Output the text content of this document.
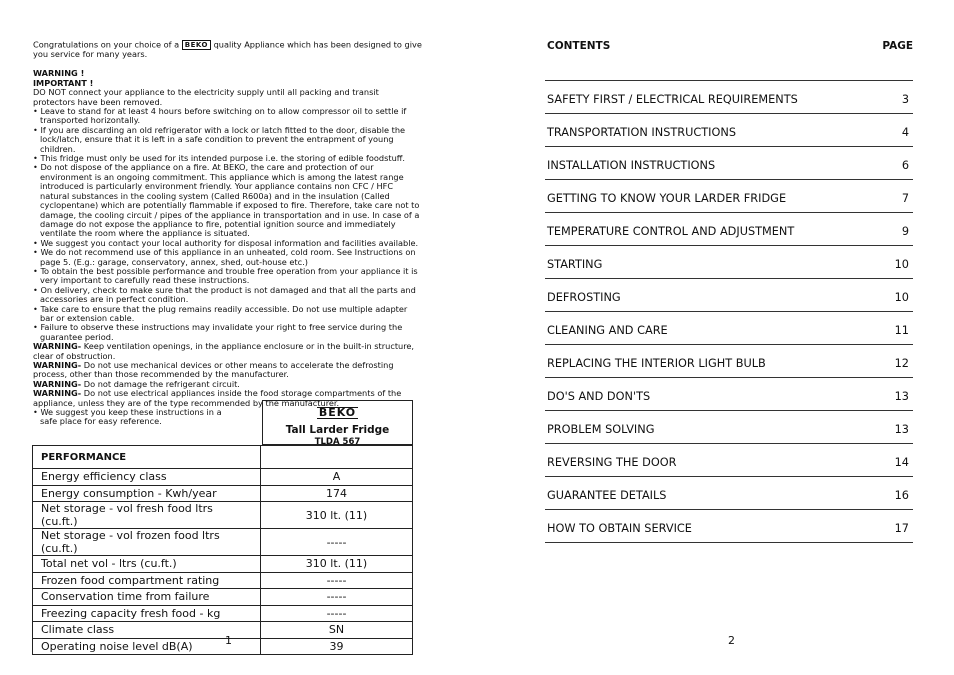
Congratulations on your choice of a BEKO quality Appliance which has been designed to give you service for many years.

WARNING !

IMPORTANT !

DO NOT connect your appliance to the electricity supply until all packing and transit protectors have been removed.

• Leave to stand for at least 4 hours before switching on to allow compressor oil to settle if transported horizontally.

• If you are discarding an old refrigerator with a lock or latch fitted to the door, disable the lock/latch, ensure that it is left in a safe condition to prevent the entrapment of young children.

• This fridge must only be used for its intended purpose i.e. the storing of edible foodstuff.

• Do not dispose of the appliance on a fire. At BEKO, the care and protection of our environment is an ongoing commitment. This appliance which is among the latest range introduced is particularly environment friendly. Your appliance contains non CFC / HFC natural substances in the cooling system (Called R600a) and in the insulation (Called cyclopentane) which are potentially flammable if exposed to fire. Therefore, take care not to damage, the cooling circuit / pipes of the appliance in transportation and in use. In case of a damage do not expose the appliance to fire, potential ignition source and immediately ventilate the room where the appliance is situated.

• We suggest you contact your local authority for disposal information and facilities available.

• We do not recommend use of this appliance in an unheated, cold room. See Instructions on page 5. (E.g.: garage, conservatory, annex, shed, out-house etc.)

• To obtain the best possible performance and trouble free operation from your appliance it is very important to carefully read these instructions.

• On delivery, check to make sure that the product is not damaged and that all the parts and accessories are in perfect condition.

• Take care to ensure that the plug remains readily accessible. Do not use multiple adapter bar or extension cable.

• Failure to observe these instructions may invalidate your right to free service during the guarantee period.

WARNING- Keep ventilation openings, in the appliance enclosure or in the built-in structure, clear of obstruction.

WARNING- Do not use mechanical devices or other means to accelerate the defrosting process, other than those recommended by the manufacturer.

WARNING- Do not damage the refrigerant circuit.

WARNING- Do not use electrical appliances inside the food storage compartments of the appliance, unless they are of the type recommended by the manufacturer.

• We suggest you keep these instructions in a safe place for easy reference.

BEKO
Tall Larder Fridge
TLDA 567
PERFORMANCE	
Energy efficiency class	A
Energy consumption - Kwh/year	174
Net storage - vol fresh food ltrs (cu.ft.)	310 lt. (11)
Net storage - vol frozen food ltrs (cu.ft.)	-----
Total net vol - ltrs (cu.ft.)	310 lt. (11)
Frozen food compartment rating	-----
Conservation time from failure	-----
Freezing capacity fresh food - kg	-----
Climate class	SN
Operating noise level dB(A)	39
1
CONTENTS	PAGE
SAFETY FIRST / ELECTRICAL REQUIREMENTS	3
TRANSPORTATION INSTRUCTIONS	4
INSTALLATION INSTRUCTIONS	6
GETTING TO KNOW YOUR LARDER FRIDGE	7
TEMPERATURE CONTROL AND ADJUSTMENT	9
STARTING	10
DEFROSTING	10
CLEANING AND CARE	11
REPLACING THE INTERIOR LIGHT BULB	12
DO'S AND DON'TS	13
PROBLEM SOLVING	13
REVERSING THE DOOR	14
GUARANTEE DETAILS	16
HOW TO OBTAIN SERVICE	17
2
